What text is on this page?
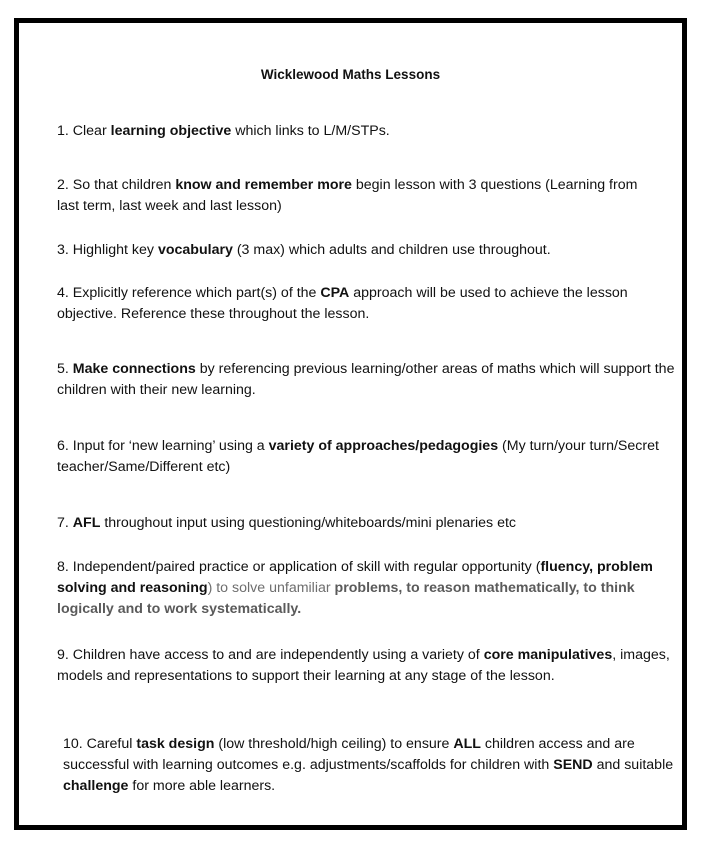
Wicklewood Maths Lessons
1. Clear learning objective which links to L/M/STPs.
2. So that children know and remember more begin lesson with 3 questions (Learning from last term, last week and last lesson)
3. Highlight key vocabulary (3 max) which adults and children use throughout.
4. Explicitly reference which part(s) of the CPA approach will be used to achieve the lesson objective. Reference these throughout the lesson.
5. Make connections by referencing previous learning/other areas of maths which will support the children with their new learning.
6. Input for ‘new learning’ using a variety of approaches/pedagogies (My turn/your turn/Secret teacher/Same/Different etc)
7. AFL throughout input using questioning/whiteboards/mini plenaries etc
8. Independent/paired practice or application of skill with regular opportunity (fluency, problem solving and reasoning) to solve unfamiliar problems, to reason mathematically, to think logically and to work systematically.
9. Children have access to and are independently using a variety of core manipulatives, images, models and representations to support their learning at any stage of the lesson.
10. Careful task design (low threshold/high ceiling) to ensure ALL children access and are successful with learning outcomes e.g. adjustments/scaffolds for children with SEND and suitable challenge for more able learners.
